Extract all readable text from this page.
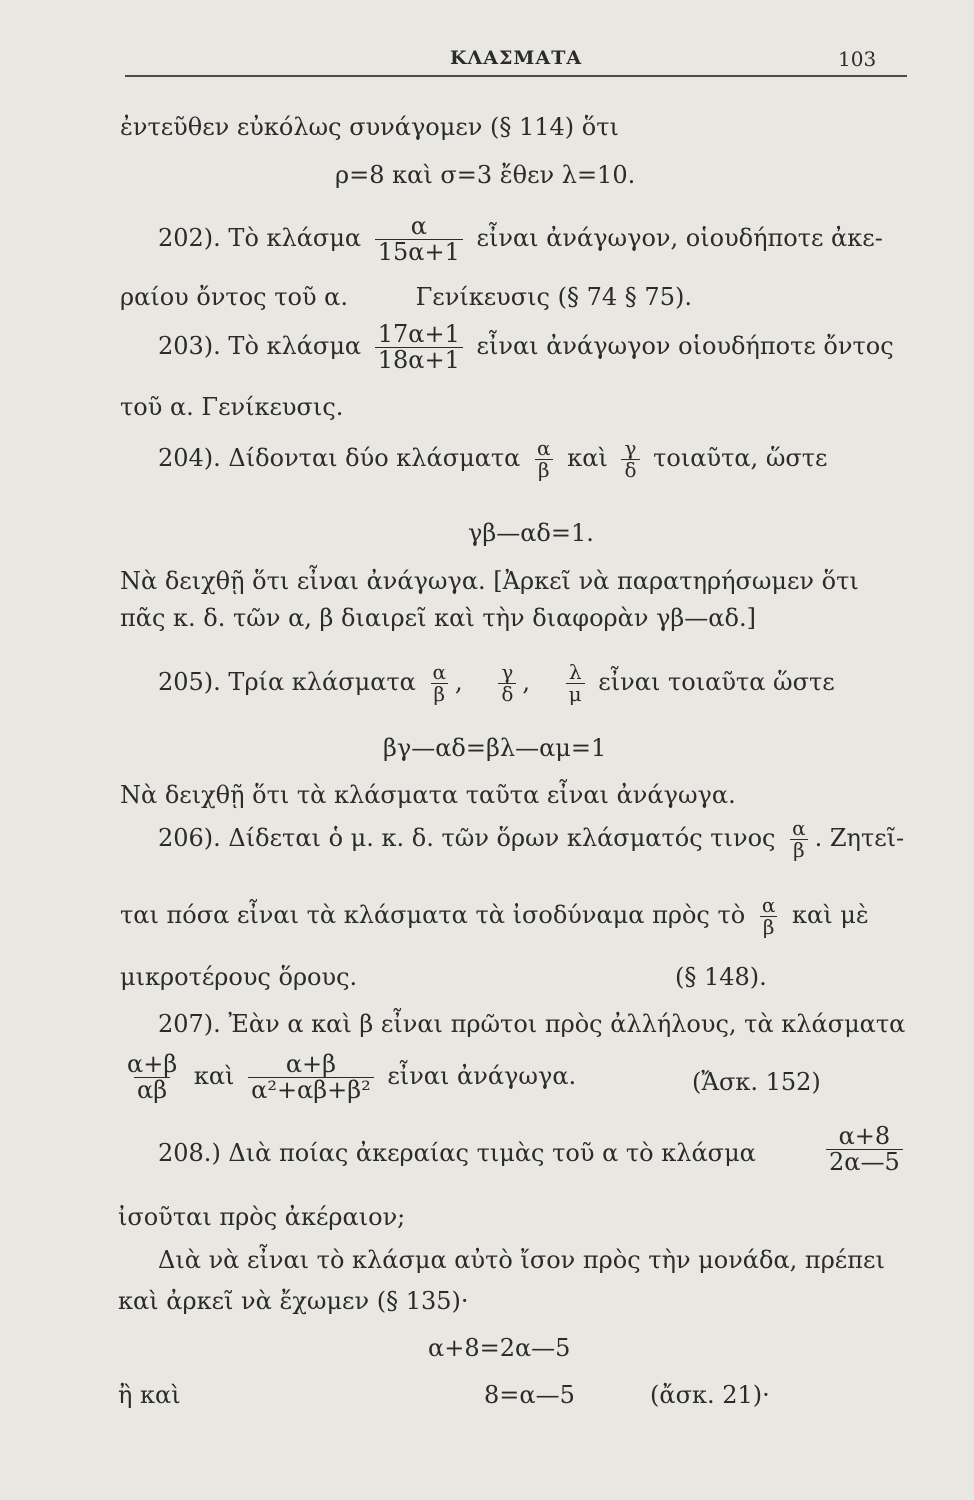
ΚΛΑΣΜΑΤΑ	103
ἐντεῦθεν εὐκόλως συνάγομεν (§ 114) ὅτι
ρ=8 καὶ σ=3 ἔθεν λ=10.
202). Τὸ κλάσμα $\frac{\alpha}{15\alpha+1}$ εἶναι ἀνάγωγον, οἱουδήποτε ἀκε-
ραίου ὄντος τοῦ α.	Γενίκευσις (§ 74 § 75).
203). Τὸ κλάσμα $\frac{17\alpha+1}{18\alpha+1}$ εἶναι ἀνάγωγον οἱουδήποτε ὄντος
τοῦ α. Γενίκευσις.
204). Δίδονται δύο κλάσματα $\frac{\alpha}{\beta}$ καὶ $\frac{\gamma}{\delta}$ τοιαῦτα, ὥστε
γβ—αδ=1.
Νὰ δειχθῇ ὅτι εἶναι ἀνάγωγα. [Ἀρκεῖ νὰ παρατηρήσωμεν ὅτι
πᾶς κ. δ. τῶν α, β διαιρεῖ καὶ τὴν διαφορὰν γβ—αδ.]
205). Τρία κλάσματα $\frac{\alpha}{\beta}$ , $\frac{\gamma}{\delta}$ , $\frac{\lambda}{\mu}$ εἶναι τοιαῦτα ὥστε
βγ—αδ=βλ—αμ=1
Νὰ δειχθῇ ὅτι τὰ κλάσματα ταῦτα εἶναι ἀνάγωγα.
206). Δίδεται ὁ μ. κ. δ. τῶν ὅρων κλάσματός τινος $\frac{\alpha}{\beta}$ . Ζητεῖ-
ται πόσα εἶναι τὰ κλάσματα τὰ ἰσοδύναμα πρὸς τὸ $\frac{\alpha}{\beta}$ καὶ μὲ
μικροτέρους ὅρους.	(§ 148).
207). Ἐὰν α καὶ β εἶναι πρῶτοι πρὸς ἀλλήλους, τὰ κλάσματα
$\frac{\alpha+\beta}{\alpha\beta}$ καὶ $\frac{\alpha+\beta}{\text{α²+αβ+β²}}$ εἶναι ἀνάγωγα.	(Ἄσκ. 152)
208.) Διὰ ποίας ἀκεραίας τιμὰς τοῦ α τὸ κλάσμα	$\frac{\alpha+8}{2\alpha—5}$
ἰσοῦται πρὸς ἀκέραιον;
Διὰ νὰ εἶναι τὸ κλάσμα αὐτὸ ἴσον πρὸς τὴν μονάδα, πρέπει
καὶ ἀρκεῖ νὰ ἔχωμεν (§ 135)·
α+8=2α—5
ἢ καὶ	8=α—5	(ἄσκ. 21)·
